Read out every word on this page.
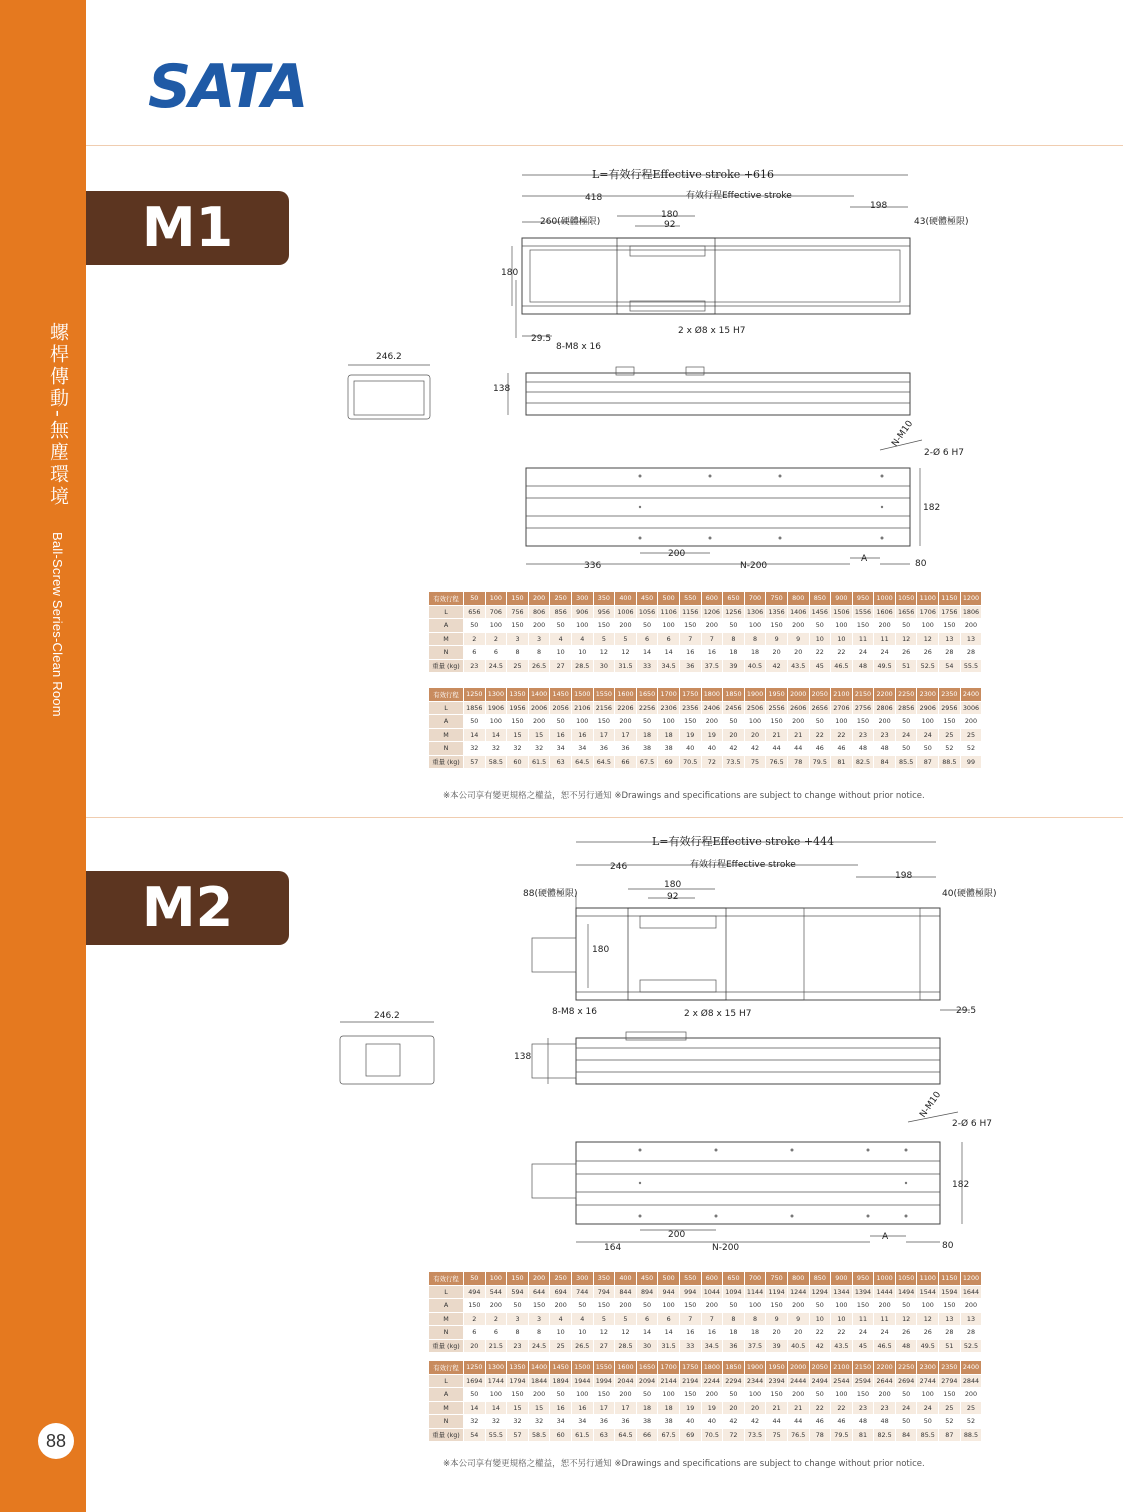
螺桿傳動-無塵環境
Ball-Screw Series-Clean Room
88
SATA
M1
L=有效行程Effective stroke +616
418	有效行程Effective stroke
198
180
92
260(硬體極限)	43(硬體極限)
180
29.5
8-M8 x 16
2 x Ø8 x 15 H7
246.2
138
N-M10
2-Ø 6 H7
182
200
336	N-200
A	80
有效行程	50	100	150	200	250	300	350	400	450	500	550	600	650	700	750	800	850	900	950	1000	1050	1100	1150	1200
L	656	706	756	806	856	906	956	1006	1056	1106	1156	1206	1256	1306	1356	1406	1456	1506	1556	1606	1656	1706	1756	1806
A	50	100	150	200	50	100	150	200	50	100	150	200	50	100	150	200	50	100	150	200	50	100	150	200
M	2	2	3	3	4	4	5	5	6	6	7	7	8	8	9	9	10	10	11	11	12	12	13	13
N	6	6	8	8	10	10	12	12	14	14	16	16	18	18	20	20	22	22	24	24	26	26	28	28
重量 (kg)	23	24.5	25	26.5	27	28.5	30	31.5	33	34.5	36	37.5	39	40.5	42	43.5	45	46.5	48	49.5	51	52.5	54	55.5
有效行程	1250	1300	1350	1400	1450	1500	1550	1600	1650	1700	1750	1800	1850	1900	1950	2000	2050	2100	2150	2200	2250	2300	2350	2400
L	1856	1906	1956	2006	2056	2106	2156	2206	2256	2306	2356	2406	2456	2506	2556	2606	2656	2706	2756	2806	2856	2906	2956	3006
A	50	100	150	200	50	100	150	200	50	100	150	200	50	100	150	200	50	100	150	200	50	100	150	200
M	14	14	15	15	16	16	17	17	18	18	19	19	20	20	21	21	22	22	23	23	24	24	25	25
N	32	32	32	32	34	34	36	36	38	38	40	40	42	42	44	44	46	46	48	48	50	50	52	52
重量 (kg)	57	58.5	60	61.5	63	64.5	64.5	66	67.5	69	70.5	72	73.5	75	76.5	78	79.5	81	82.5	84	85.5	87	88.5	99
※本公司享有變更規格之權益，恕不另行通知 ※Drawings and specifications are subject to change without prior notice.
M2
L=有效行程Effective stroke +444
246	有效行程Effective stroke
198
180
92
88(硬體極限)	40(硬體極限)
180
29.5
8-M8 x 16	2 x Ø8 x 15 H7
246.2
138
N-M10
2-Ø 6 H7
182
200
164	N-200
A
80
有效行程	50	100	150	200	250	300	350	400	450	500	550	600	650	700	750	800	850	900	950	1000	1050	1100	1150	1200
L	494	544	594	644	694	744	794	844	894	944	994	1044	1094	1144	1194	1244	1294	1344	1394	1444	1494	1544	1594	1644
A	150	200	50	150	200	50	150	200	50	100	150	200	50	100	150	200	50	100	150	200	50	100	150	200
M	2	2	3	3	4	4	5	5	6	6	7	7	8	8	9	9	10	10	11	11	12	12	13	13
N	6	6	8	8	10	10	12	12	14	14	16	16	18	18	20	20	22	22	24	24	26	26	28	28
重量 (kg)	20	21.5	23	24.5	25	26.5	27	28.5	30	31.5	33	34.5	36	37.5	39	40.5	42	43.5	45	46.5	48	49.5	51	52.5
有效行程	1250	1300	1350	1400	1450	1500	1550	1600	1650	1700	1750	1800	1850	1900	1950	2000	2050	2100	2150	2200	2250	2300	2350	2400
L	1694	1744	1794	1844	1894	1944	1994	2044	2094	2144	2194	2244	2294	2344	2394	2444	2494	2544	2594	2644	2694	2744	2794	2844
A	50	100	150	200	50	100	150	200	50	100	150	200	50	100	150	200	50	100	150	200	50	100	150	200
M	14	14	15	15	16	16	17	17	18	18	19	19	20	20	21	21	22	22	23	23	24	24	25	25
N	32	32	32	32	34	34	36	36	38	38	40	40	42	42	44	44	46	46	48	48	50	50	52	52
重量 (kg)	54	55.5	57	58.5	60	61.5	63	64.5	66	67.5	69	70.5	72	73.5	75	76.5	78	79.5	81	82.5	84	85.5	87	88.5
※本公司享有變更規格之權益，恕不另行通知 ※Drawings and specifications are subject to change without prior notice.
